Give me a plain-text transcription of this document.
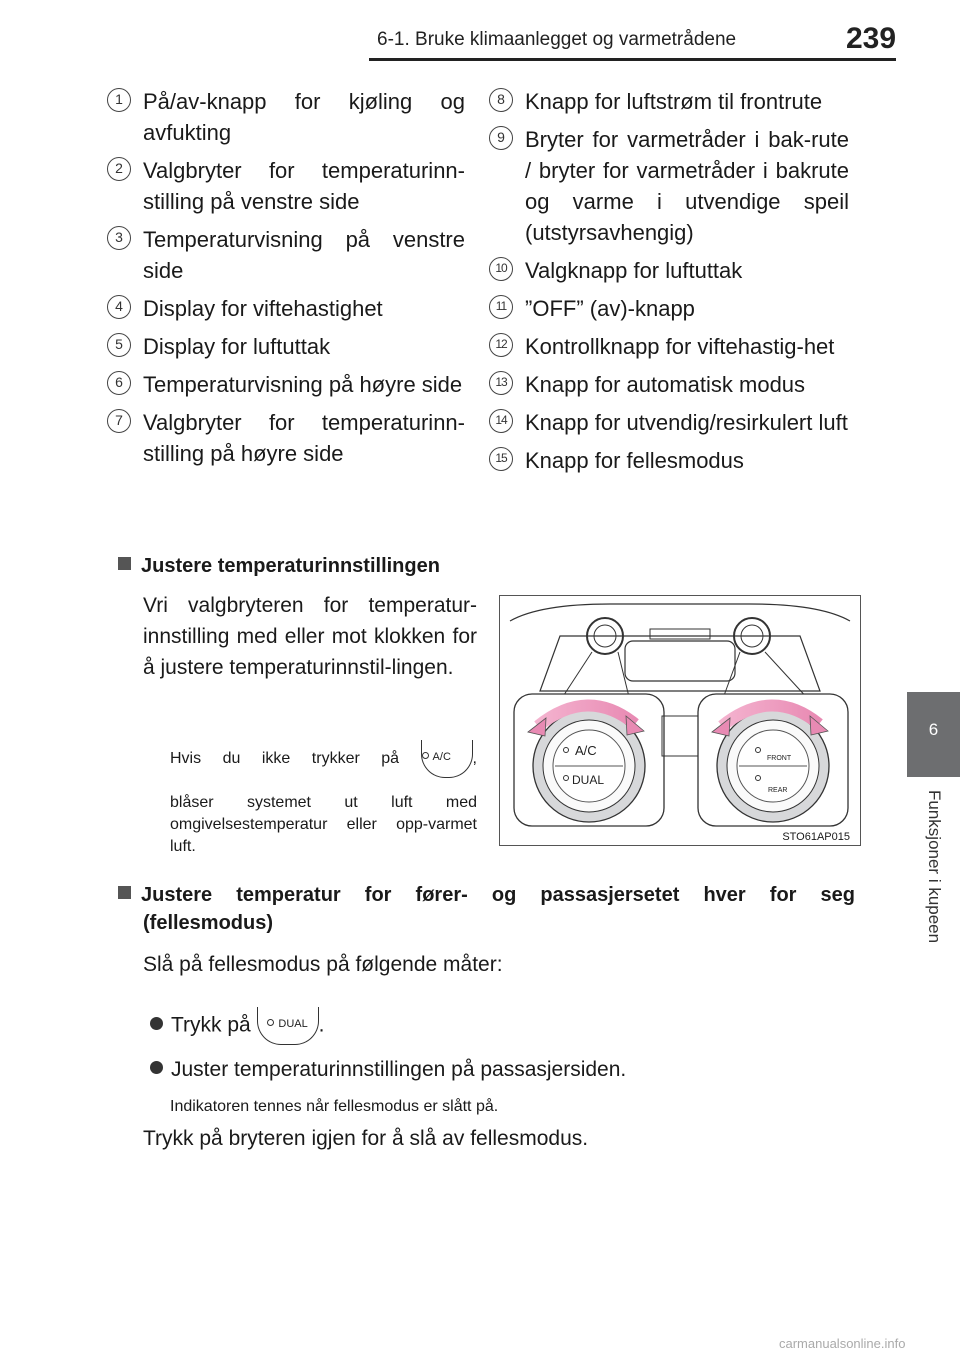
6-1. Bruke klimaanlegget og varmetrådene	239
6
Funksjoner i kupeen
1 På/av-knapp for kjøling og avfukting
2 Valgbryter for temperaturinn-stilling på venstre side
3 Temperaturvisning på venstre side
4 Display for viftehastighet
5 Display for luftuttak
6 Temperaturvisning på høyre side
7 Valgbryter for temperaturinn-stilling på høyre side
8 Knapp for luftstrøm til frontrute
9 Bryter for varmetråder i bak-rute / bryter for varmetråder i bakrute og varme i utvendige speil (utstyrsavhengig)
10 Valgknapp for luftuttak
11 ”OFF” (av)-knapp
12 Kontrollknapp for viftehastig-het
13 Knapp for automatisk modus
14 Knapp for utvendig/resirkulert luft
15 Knapp for fellesmodus
Justere temperaturinnstillingen
Vri valgbryteren for temperatur-innstilling med eller mot klokken for å justere temperaturinnstil-lingen.
Hvis du ikke trykker på	A/C ,
blåser systemet ut luft med omgivelsestemperatur eller opp-varmet luft.
A/C
DUAL
FRONT
REAR
STO61AP015
Justere temperatur for fører- og passasjersetet hver for seg
(fellesmodus)
Slå på fellesmodus på følgende måter:
Trykk på	DUAL .
Juster temperaturinnstillingen på passasjersiden.
Indikatoren tennes når fellesmodus er slått på.
Trykk på bryteren igjen for å slå av fellesmodus.
carmanualsonline.info
